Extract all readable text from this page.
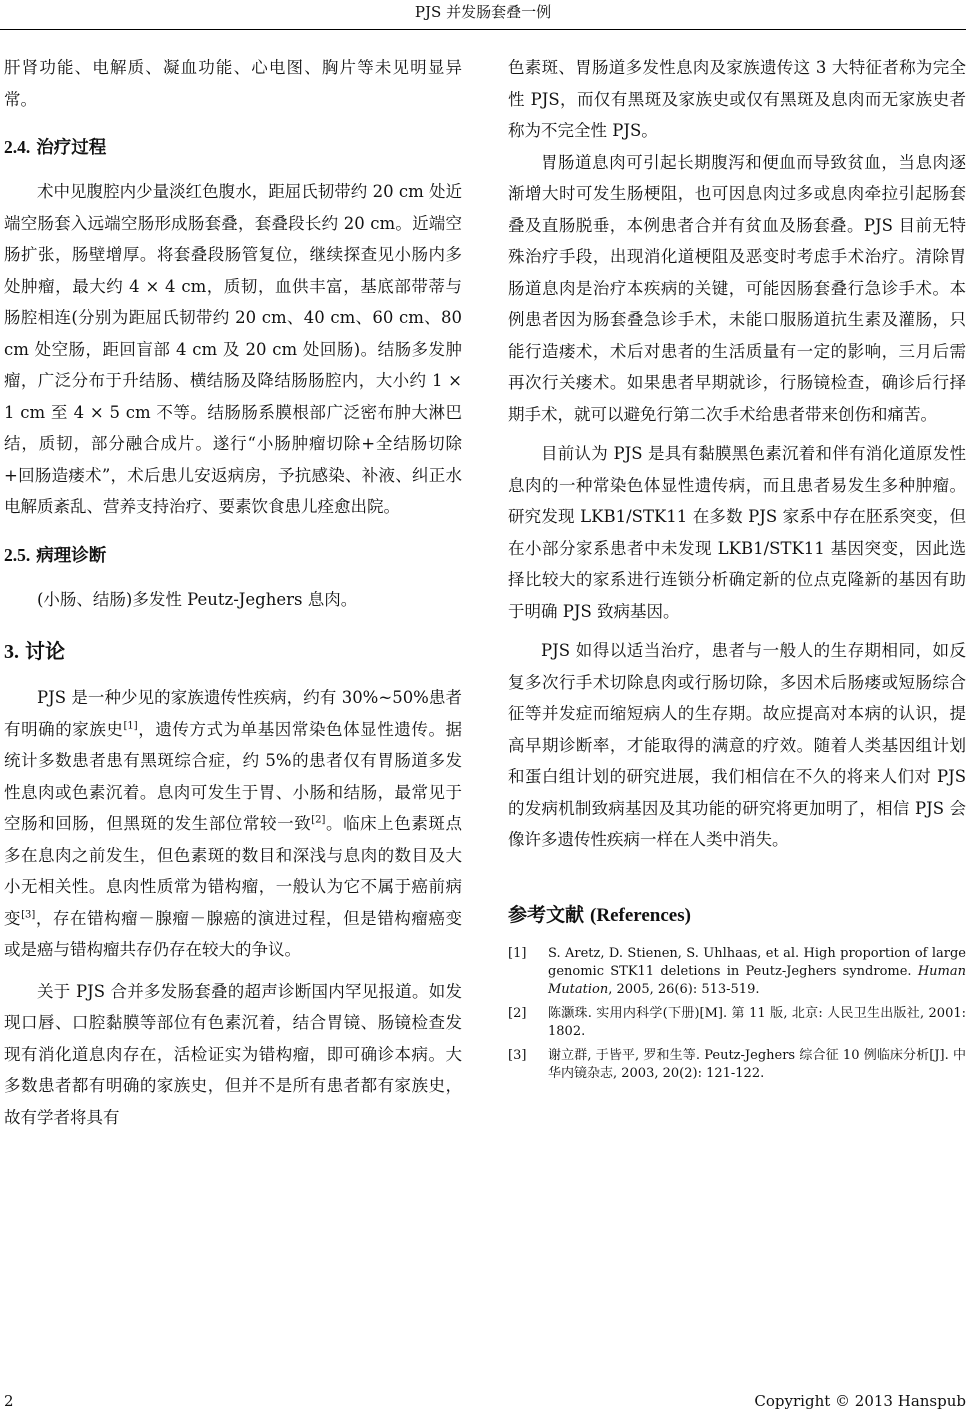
PJS 并发肠套叠一例

肝肾功能、电解质、凝血功能、心电图、胸片等未见明显异常。

2.4. 治疗过程

术中见腹腔内少量淡红色腹水，距屈氏韧带约 20 cm 处近端空肠套入远端空肠形成肠套叠，套叠段长约 20 cm。近端空肠扩张，肠壁增厚。将套叠段肠管复位，继续探查见小肠内多处肿瘤，最大约 4 × 4 cm，质韧，血供丰富，基底部带蒂与肠腔相连(分别为距屈氏韧带约 20 cm、40 cm、60 cm、80 cm 处空肠，距回盲部 4 cm 及 20 cm 处回肠)。结肠多发肿瘤，广泛分布于升结肠、横结肠及降结肠肠腔内，大小约 1 × 1 cm 至 4 × 5 cm 不等。结肠肠系膜根部广泛密布肿大淋巴结，质韧，部分融合成片。遂行“小肠肿瘤切除+全结肠切除+回肠造瘘术”，术后患儿安返病房，予抗感染、补液、纠正水电解质紊乱、营养支持治疗、要素饮食患儿痊愈出院。

2.5. 病理诊断

(小肠、结肠)多发性 Peutz-Jeghers 息肉。

3. 讨论

PJS 是一种少见的家族遗传性疾病，约有 30%~50%患者有明确的家族史[1]，遗传方式为单基因常染色体显性遗传。据统计多数患者患有黑斑综合症，约 5%的患者仅有胃肠道多发性息肉或色素沉着。息肉可发生于胃、小肠和结肠，最常见于空肠和回肠，但黑斑的发生部位常较一致[2]。临床上色素斑点多在息肉之前发生，但色素斑的数目和深浅与息肉的数目及大小无相关性。息肉性质常为错构瘤，一般认为它不属于癌前病变[3]，存在错构瘤－腺瘤－腺癌的演进过程，但是错构瘤癌变或是癌与错构瘤共存仍存在较大的争议。

关于 PJS 合并多发肠套叠的超声诊断国内罕见报道。如发现口唇、口腔黏膜等部位有色素沉着，结合胃镜、肠镜检查发现有消化道息肉存在，活检证实为错构瘤，即可确诊本病。大多数患者都有明确的家族史，但并不是所有患者都有家族史，故有学者将具有

色素斑、胃肠道多发性息肉及家族遗传这 3 大特征者称为完全性 PJS，而仅有黑斑及家族史或仅有黑斑及息肉而无家族史者称为不完全性 PJS。

胃肠道息肉可引起长期腹泻和便血而导致贫血，当息肉逐渐增大时可发生肠梗阻，也可因息肉过多或息肉牵拉引起肠套叠及直肠脱垂，本例患者合并有贫血及肠套叠。PJS 目前无特殊治疗手段，出现消化道梗阻及恶变时考虑手术治疗。清除胃肠道息肉是治疗本疾病的关键，可能因肠套叠行急诊手术。本例患者因为肠套叠急诊手术，未能口服肠道抗生素及灌肠，只能行造瘘术，术后对患者的生活质量有一定的影响，三月后需再次行关瘘术。如果患者早期就诊，行肠镜检查，确诊后行择期手术，就可以避免行第二次手术给患者带来创伤和痛苦。

目前认为 PJS 是具有黏膜黑色素沉着和伴有消化道原发性息肉的一种常染色体显性遗传病，而且患者易发生多种肿瘤。研究发现 LKB1/STK11 在多数 PJS 家系中存在胚系突变，但在小部分家系患者中未发现 LKB1/STK11 基因突变，因此选择比较大的家系进行连锁分析确定新的位点克隆新的基因有助于明确 PJS 致病基因。

PJS 如得以适当治疗，患者与一般人的生存期相同，如反复多次行手术切除息肉或行肠切除，多因术后肠瘘或短肠综合征等并发症而缩短病人的生存期。故应提高对本病的认识，提高早期诊断率，才能取得的满意的疗效。随着人类基因组计划和蛋白组计划的研究进展，我们相信在不久的将来人们对 PJS 的发病机制致病基因及其功能的研究将更加明了，相信 PJS 会像许多遗传性疾病一样在人类中消失。

参考文献 (References)
[1]	S. Aretz, D. Stienen, S. Uhlhaas, et al. High proportion of large genomic STK11 deletions in Peutz-Jeghers syndrome. Human Mutation, 2005, 26(6): 513-519.
[2]	陈灏珠. 实用内科学(下册)[M]. 第 11 版, 北京: 人民卫生出版社, 2001: 1802.
[3]	谢立群, 于皆平, 罗和生等. Peutz-Jeghers 综合征 10 例临床分析[J]. 中华内镜杂志, 2003, 20(2): 121-122.
2	Copyright © 2013 Hanspub
